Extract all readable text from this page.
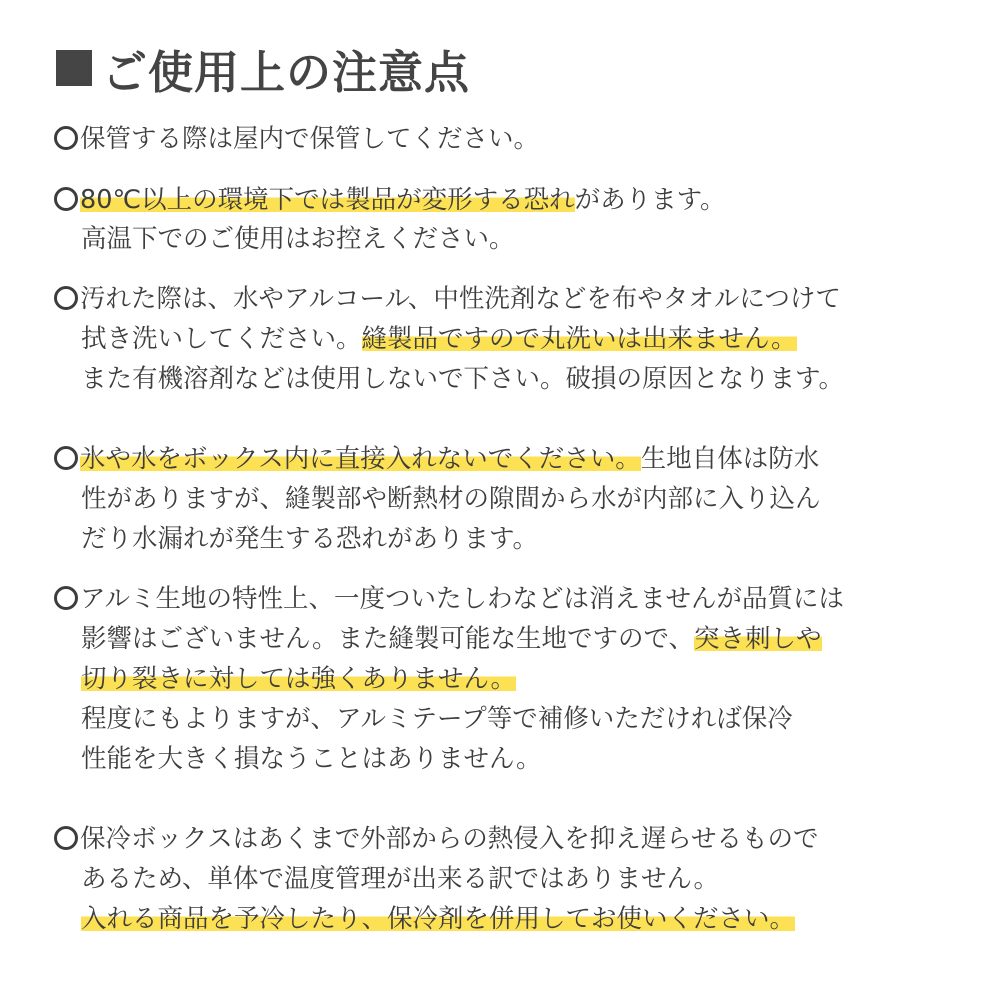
ご使用上の注意点
保管する際は屋内で保管してください。
80℃以上の環境下では製品が変形する恐れがあります。
高温下でのご使用はお控えください。
汚れた際は、水やアルコール、中性洗剤などを布やタオルにつけて
拭き洗いしてください。縫製品ですので丸洗いは出来ません。
また有機溶剤などは使用しないで下さい。破損の原因となります。
氷や水をボックス内に直接入れないでください。生地自体は防水
性がありますが、縫製部や断熱材の隙間から水が内部に入り込ん
だり水漏れが発生する恐れがあります。
アルミ生地の特性上、一度ついたしわなどは消えませんが品質には
影響はございません。また縫製可能な生地ですので、突き刺しや
切り裂きに対しては強くありません。
程度にもよりますが、アルミテープ等で補修いただければ保冷
性能を大きく損なうことはありません。
保冷ボックスはあくまで外部からの熱侵入を抑え遅らせるもので
あるため、単体で温度管理が出来る訳ではありません。
入れる商品を予冷したり、保冷剤を併用してお使いください。
